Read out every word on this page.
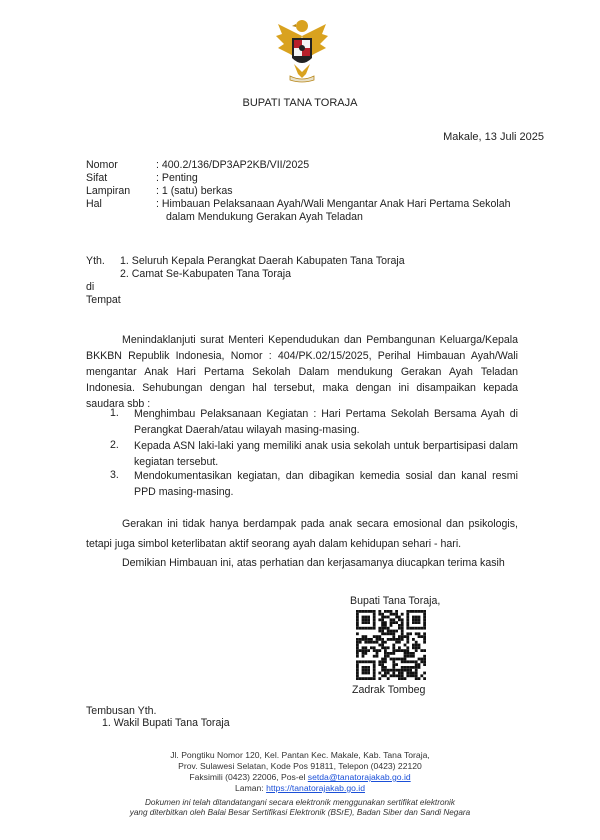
BUPATI TANA TORAJA
Makale, 13 Juli 2025
Nomor	: 400.2/136/DP3AP2KB/VII/2025
Sifat	: Penting
Lampiran : 1 (satu) berkas
Hal	: Himbauan Pelaksanaan Ayah/Wali Mengantar Anak Hari Pertama Sekolah
dalam Mendukung Gerakan Ayah Teladan
Yth. 1. Seluruh Kepala Perangkat Daerah Kabupaten Tana Toraja
2. Camat Se-Kabupaten Tana Toraja
di
Tempat
Menindaklanjuti surat Menteri Kependudukan dan Pembangunan Keluarga/Kepala BKKBN Republik Indonesia, Nomor : 404/PK.02/15/2025, Perihal Himbauan Ayah/Wali mengantar Anak Hari Pertama Sekolah Dalam mendukung Gerakan Ayah Teladan Indonesia. Sehubungan dengan hal tersebut, maka dengan ini disampaikan kepada saudara sbb :
1. Menghimbau Pelaksanaan Kegiatan : Hari Pertama Sekolah Bersama Ayah di Perangkat Daerah/atau wilayah masing-masing.
2. Kepada ASN laki-laki yang memiliki anak usia sekolah untuk berpartisipasi dalam kegiatan tersebut.
3. Mendokumentasikan kegiatan, dan dibagikan kemedia sosial dan kanal resmi PPD masing-masing.
Gerakan ini tidak hanya berdampak pada anak secara emosional dan psikologis, tetapi juga simbol keterlibatan aktif seorang ayah dalam kehidupan sehari - hari.
Demikian Himbauan ini, atas perhatian dan kerjasamanya diucapkan terima kasih
Bupati Tana Toraja,
Zadrak Tombeg
Tembusan Yth.
1. Wakil Bupati Tana Toraja
Jl. Pongtiku Nomor 120, Kel. Pantan Kec. Makale, Kab. Tana Toraja,
Prov. Sulawesi Selatan, Kode Pos 91811, Telepon (0423) 22120
Faksimili (0423) 22006, Pos-el setda@tanatorajakab.go.id
Laman: https://tanatorajakab.go.id
Dokumen ini telah ditandatangani secara elektronik menggunakan sertifikat elektronik
yang diterbitkan oleh Balai Besar Sertifikasi Elektronik (BSrE), Badan Siber dan Sandi Negara
